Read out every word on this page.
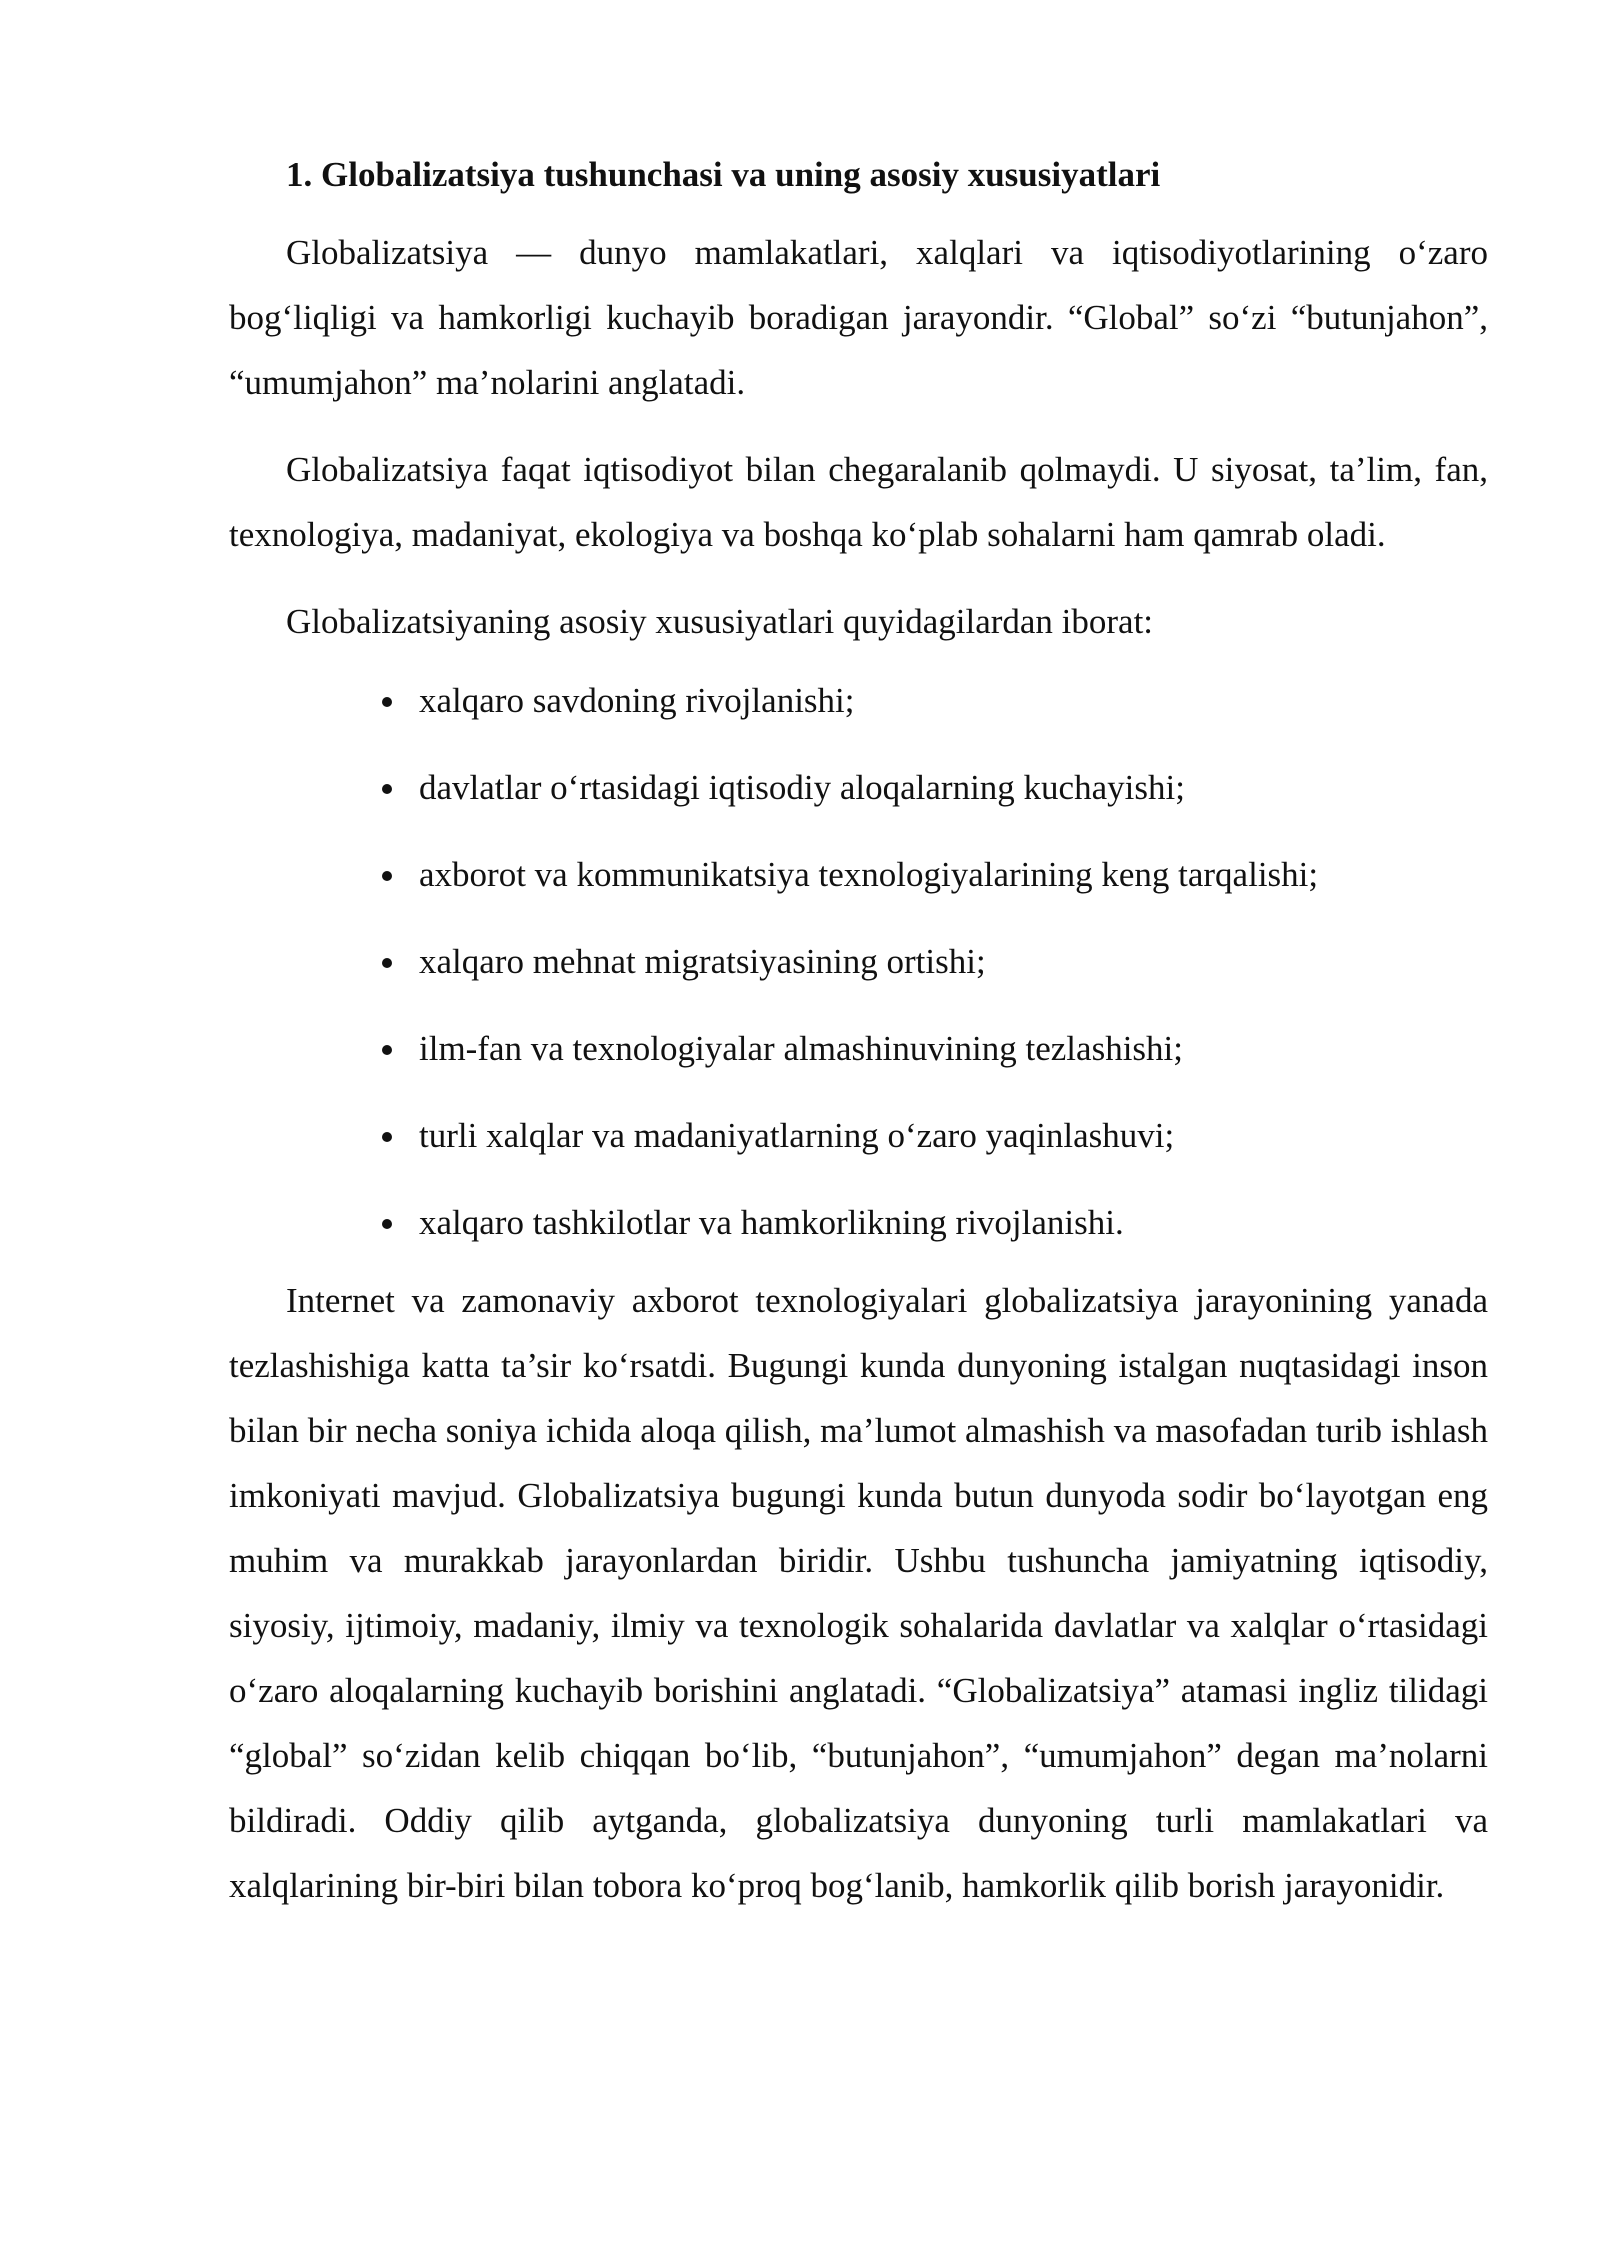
1. Globalizatsiya tushunchasi va uning asosiy xususiyatlari

Globalizatsiya — dunyo mamlakatlari, xalqlari va iqtisodiyotlarining o‘zaro bog‘liqligi va hamkorligi kuchayib boradigan jarayondir. “Global” so‘zi “butunjahon”, “umumjahon” ma’nolarini anglatadi.

Globalizatsiya faqat iqtisodiyot bilan chegaralanib qolmaydi. U siyosat, ta’lim, fan, texnologiya, madaniyat, ekologiya va boshqa ko‘plab sohalarni ham qamrab oladi.

Globalizatsiyaning asosiy xususiyatlari quyidagilardan iborat:

xalqaro savdoning rivojlanishi;
davlatlar o‘rtasidagi iqtisodiy aloqalarning kuchayishi;
axborot va kommunikatsiya texnologiyalarining keng tarqalishi;
xalqaro mehnat migratsiyasining ortishi;
ilm-fan va texnologiyalar almashinuvining tezlashishi;
turli xalqlar va madaniyatlarning o‘zaro yaqinlashuvi;
xalqaro tashkilotlar va hamkorlikning rivojlanishi.

Internet va zamonaviy axborot texnologiyalari globalizatsiya jarayonining yanada tezlashishiga katta ta’sir ko‘rsatdi. Bugungi kunda dunyoning istalgan nuqtasidagi inson bilan bir necha soniya ichida aloqa qilish, ma’lumot almashish va masofadan turib ishlash imkoniyati mavjud. Globalizatsiya bugungi kunda butun dunyoda sodir bo‘layotgan eng muhim va murakkab jarayonlardan biridir. Ushbu tushuncha jamiyatning iqtisodiy, siyosiy, ijtimoiy, madaniy, ilmiy va texnologik sohalarida davlatlar va xalqlar o‘rtasidagi o‘zaro aloqalarning kuchayib borishini anglatadi. “Globalizatsiya” atamasi ingliz tilidagi “global” so‘zidan kelib chiqqan bo‘lib, “butunjahon”, “umumjahon” degan ma’nolarni bildiradi. Oddiy qilib aytganda, globalizatsiya dunyoning turli mamlakatlari va xalqlarining bir-biri bilan tobora ko‘proq bog‘lanib, hamkorlik qilib borish jarayonidir.
